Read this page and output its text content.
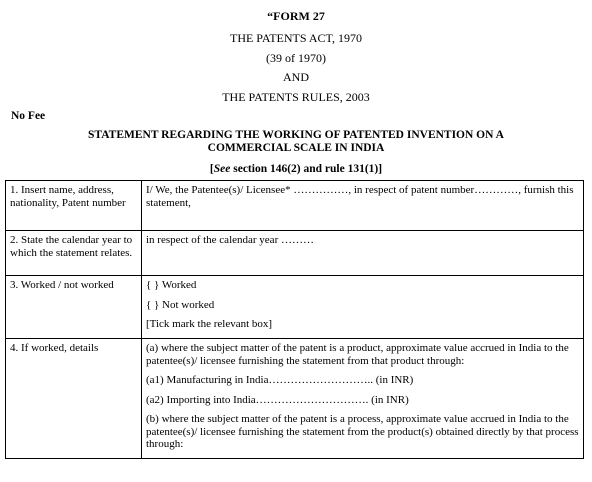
“FORM 27
THE PATENTS ACT, 1970
(39 of 1970)
AND
THE PATENTS RULES, 2003
No Fee
STATEMENT REGARDING THE WORKING OF PATENTED INVENTION ON A
COMMERCIAL SCALE IN INDIA
[See section 146(2) and rule 131(1)]
1. Insert name, address, nationality, Patent number	I/ We, the Patentee(s)/ Licensee* ……………, in respect of patent number…………, furnish this statement,
2. State the calendar year to which the statement relates.	in respect of the calendar year ………
3. Worked / not worked	{ } Worked

{ } Not worked

[Tick mark the relevant box]

4. If worked, details	(a) where the subject matter of the patent is a product, approximate value accrued in India to the patentee(s)/ licensee furnishing the statement from that product through:

(a1) Manufacturing in India……………………….. (in INR)

(a2) Importing into India…………………………. (in INR)

(b) where the subject matter of the patent is a process, approximate value accrued in India to the patentee(s)/ licensee furnishing the statement from the product(s) obtained directly by that process through:
